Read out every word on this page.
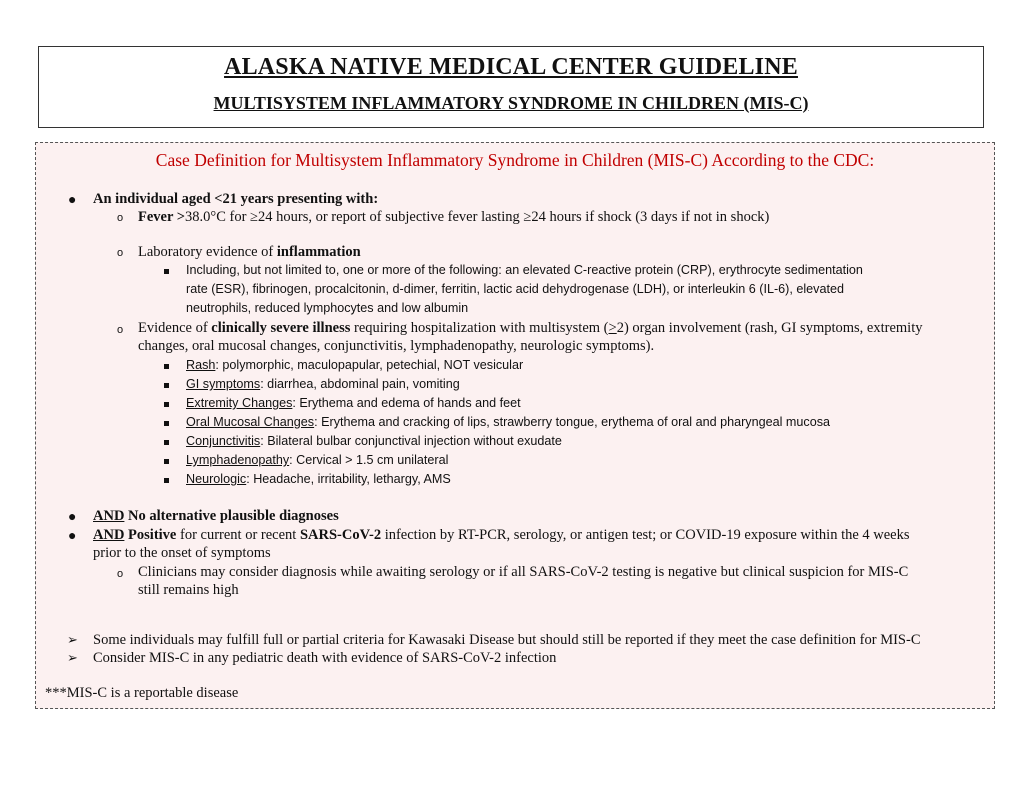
ALASKA NATIVE MEDICAL CENTER GUIDELINE
MULTISYSTEM INFLAMMATORY SYNDROME IN CHILDREN (MIS-C)
Case Definition for Multisystem Inflammatory Syndrome in Children (MIS-C) According to the CDC:
● An individual aged <21 years presenting with:
o Fever >38.0°C for ≥24 hours, or report of subjective fever lasting ≥24 hours if shock (3 days if not in shock)
o Laboratory evidence of inflammation
Including, but not limited to, one or more of the following: an elevated C-reactive protein (CRP), erythrocyte sedimentation
rate (ESR), fibrinogen, procalcitonin, d-dimer, ferritin, lactic acid dehydrogenase (LDH), or interleukin 6 (IL-6), elevated
neutrophils, reduced lymphocytes and low albumin
o Evidence of clinically severe illness requiring hospitalization with multisystem (>2) organ involvement (rash, GI symptoms, extremity
changes, oral mucosal changes, conjunctivitis, lymphadenopathy, neurologic symptoms).
Rash: polymorphic, maculopapular, petechial, NOT vesicular
GI symptoms: diarrhea, abdominal pain, vomiting
Extremity Changes: Erythema and edema of hands and feet
Oral Mucosal Changes: Erythema and cracking of lips, strawberry tongue, erythema of oral and pharyngeal mucosa
Conjunctivitis: Bilateral bulbar conjunctival injection without exudate
Lymphadenopathy: Cervical > 1.5 cm unilateral
Neurologic: Headache, irritability, lethargy, AMS
● AND No alternative plausible diagnoses
● AND Positive for current or recent SARS-CoV-2 infection by RT-PCR, serology, or antigen test; or COVID-19 exposure within the 4 weeks
prior to the onset of symptoms
o Clinicians may consider diagnosis while awaiting serology or if all SARS-CoV-2 testing is negative but clinical suspicion for MIS-C
still remains high
➢ Some individuals may fulfill full or partial criteria for Kawasaki Disease but should still be reported if they meet the case definition for MIS-C
➢ Consider MIS-C in any pediatric death with evidence of SARS-CoV-2 infection
***MIS-C is a reportable disease
